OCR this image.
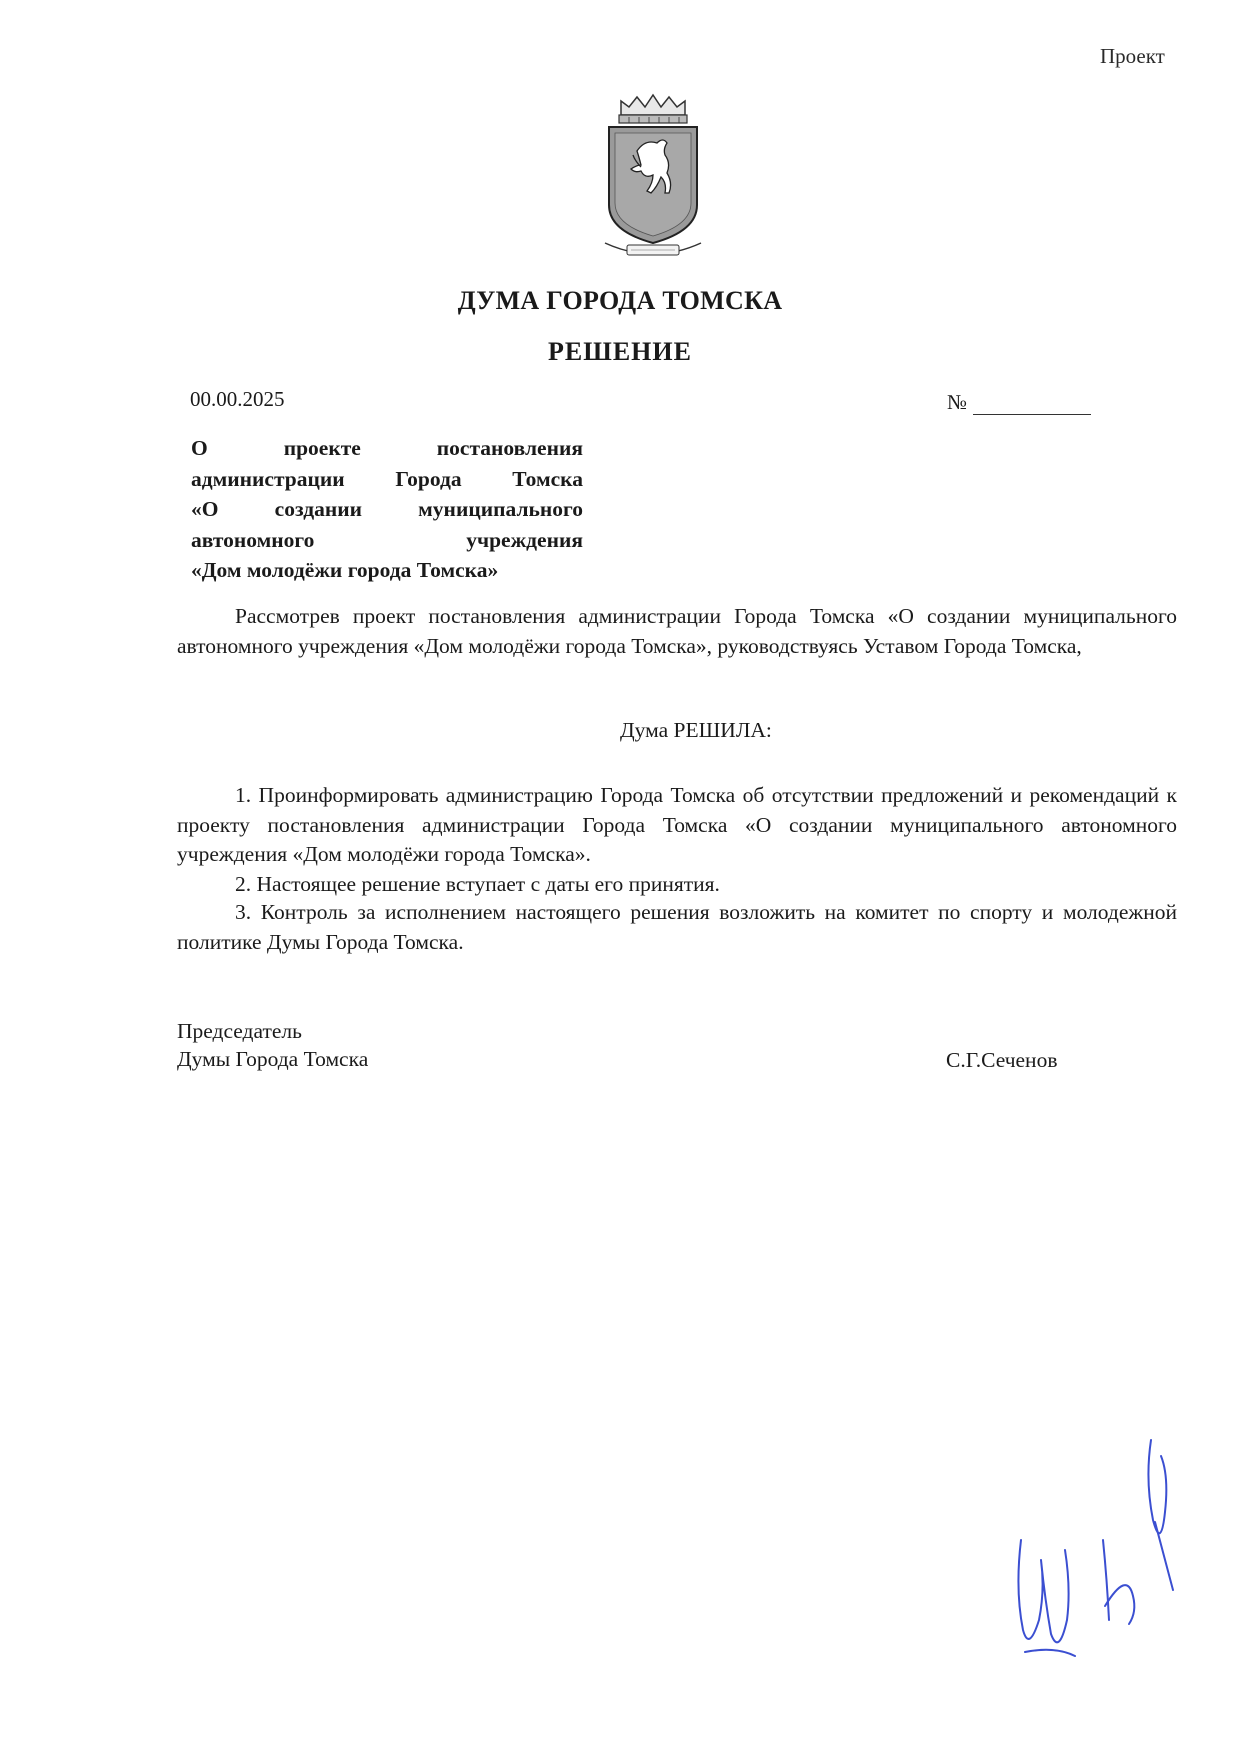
Проект
ДУМА ГОРОДА ТОМСКА
РЕШЕНИЕ
00.00.2025	№
О проекте постановления
администрации Города Томска
«О создании муниципального
автономного учреждения
«Дом молодёжи города Томска»
Рассмотрев проект постановления администрации Города Томска «О создании муниципального автономного учреждения «Дом молодёжи города Томска», руководствуясь Уставом Города Томска,
Дума РЕШИЛА:
1. Проинформировать администрацию Города Томска об отсутствии предложений и рекомендаций к проекту постановления администрации Города Томска «О создании муниципального автономного учреждения «Дом молодёжи города Томска».
2. Настоящее решение вступает с даты его принятия.
3. Контроль за исполнением настоящего решения возложить на комитет по спорту и молодежной политике Думы Города Томска.
Председатель
Думы Города Томска	С.Г.Сеченов
